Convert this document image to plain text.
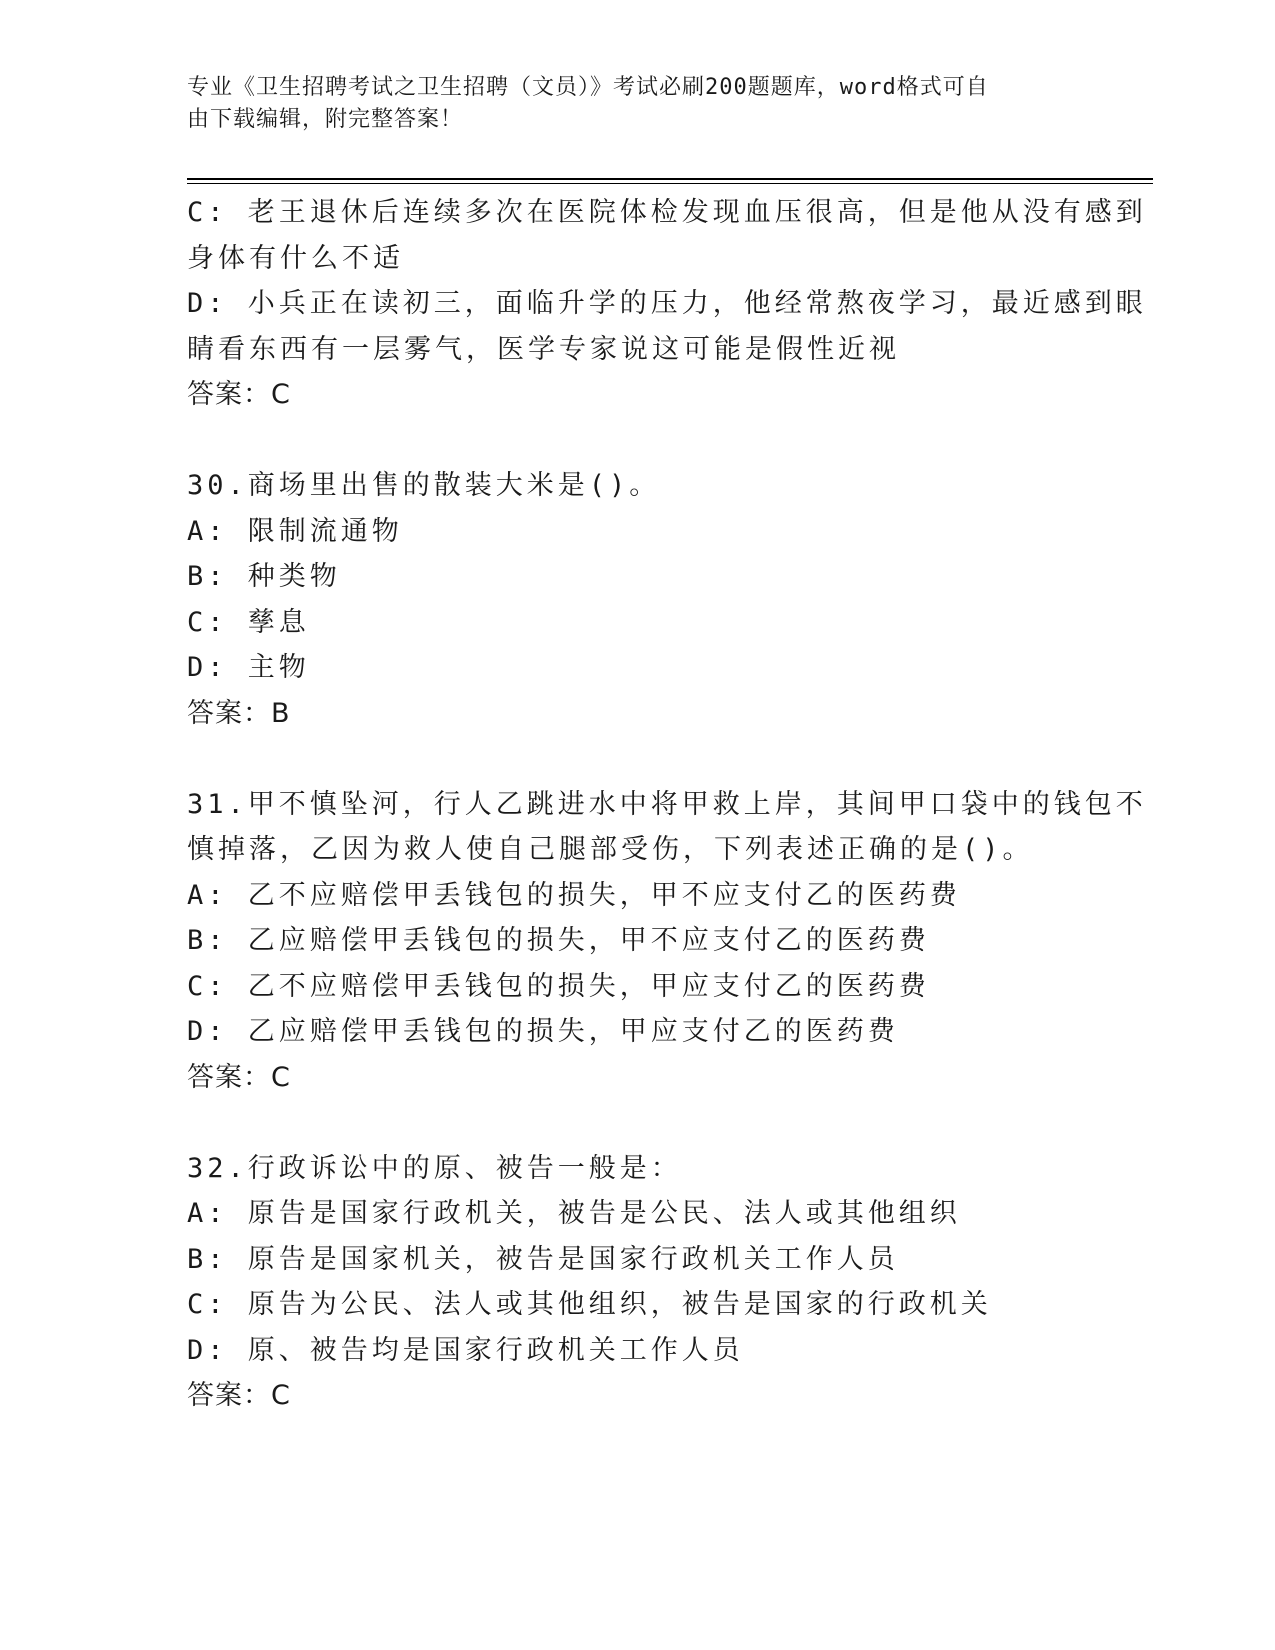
专业《卫生招聘考试之卫生招聘（文员）》考试必刷200题题库，word格式可自
由下载编辑，附完整答案！
C: 老王退休后连续多次在医院体检发现血压很高，但是他从没有感到
身体有什么不适
D: 小兵正在读初三，面临升学的压力，他经常熬夜学习，最近感到眼
睛看东西有一层雾气，医学专家说这可能是假性近视
答案：C
30.商场里出售的散装大米是()。
A: 限制流通物
B: 种类物
C: 孳息
D: 主物
答案：B
31.甲不慎坠河，行人乙跳进水中将甲救上岸，其间甲口袋中的钱包不
慎掉落，乙因为救人使自己腿部受伤，下列表述正确的是()。
A: 乙不应赔偿甲丢钱包的损失，甲不应支付乙的医药费
B: 乙应赔偿甲丢钱包的损失，甲不应支付乙的医药费
C: 乙不应赔偿甲丢钱包的损失，甲应支付乙的医药费
D: 乙应赔偿甲丢钱包的损失，甲应支付乙的医药费
答案：C
32.行政诉讼中的原、被告一般是：
A: 原告是国家行政机关，被告是公民、法人或其他组织
B: 原告是国家机关，被告是国家行政机关工作人员
C: 原告为公民、法人或其他组织，被告是国家的行政机关
D: 原、被告均是国家行政机关工作人员
答案：C
